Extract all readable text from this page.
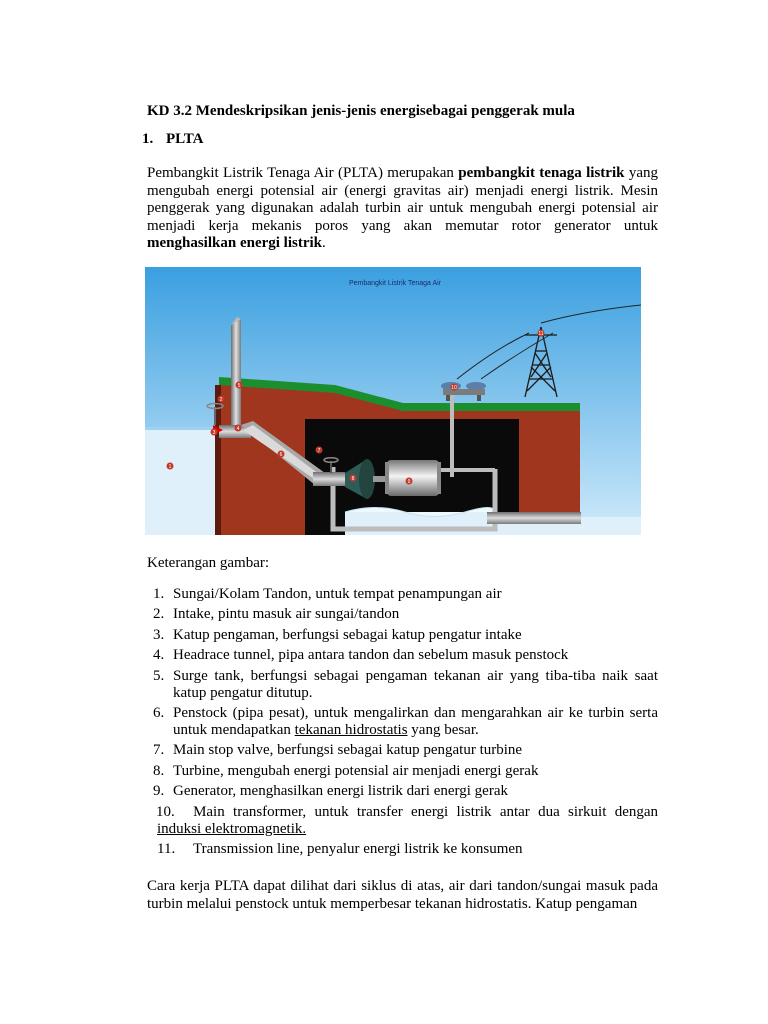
KD 3.2 Mendeskripsikan jenis-jenis energisebagai penggerak mula
1. PLTA

Pembangkit Listrik Tenaga Air (PLTA) merupakan pembangkit tenaga listrik yang mengubah energi potensial air (energi gravitas air) menjadi energi listrik. Mesin penggerak yang digunakan adalah turbin air untuk mengubah energi potensial air menjadi kerja mekanis poros yang akan memutar rotor generator untuk menghasilkan energi listrik.

Pembangkit Listrik Tenaga Air
1
2
3
4
5
6
7
8	9
10
11
Keterangan gambar:
1. Sungai/Kolam Tandon, untuk tempat penampungan air
2. Intake, pintu masuk air sungai/tandon
3. Katup pengaman, berfungsi sebagai katup pengatur intake
4. Headrace tunnel, pipa antara tandon dan sebelum masuk penstock
5. Surge tank, berfungsi sebagai pengaman tekanan air yang tiba-tiba naik saat katup pengatur ditutup.
6. Penstock (pipa pesat), untuk mengalirkan dan mengarahkan air ke turbin serta untuk mendapatkan tekanan hidrostatis yang besar.
7. Main stop valve, berfungsi sebagai katup pengatur turbine
8. Turbine, mengubah energi potensial air menjadi energi gerak
9. Generator, menghasilkan energi listrik dari energi gerak
10. Main transformer, untuk transfer energi listrik antar dua sirkuit dengan induksi elektromagnetik.
11. Transmission line, penyalur energi listrik ke konsumen

Cara kerja PLTA dapat dilihat dari siklus di atas, air dari tandon/sungai masuk pada turbin melalui penstock untuk memperbesar tekanan hidrostatis. Katup pengaman
